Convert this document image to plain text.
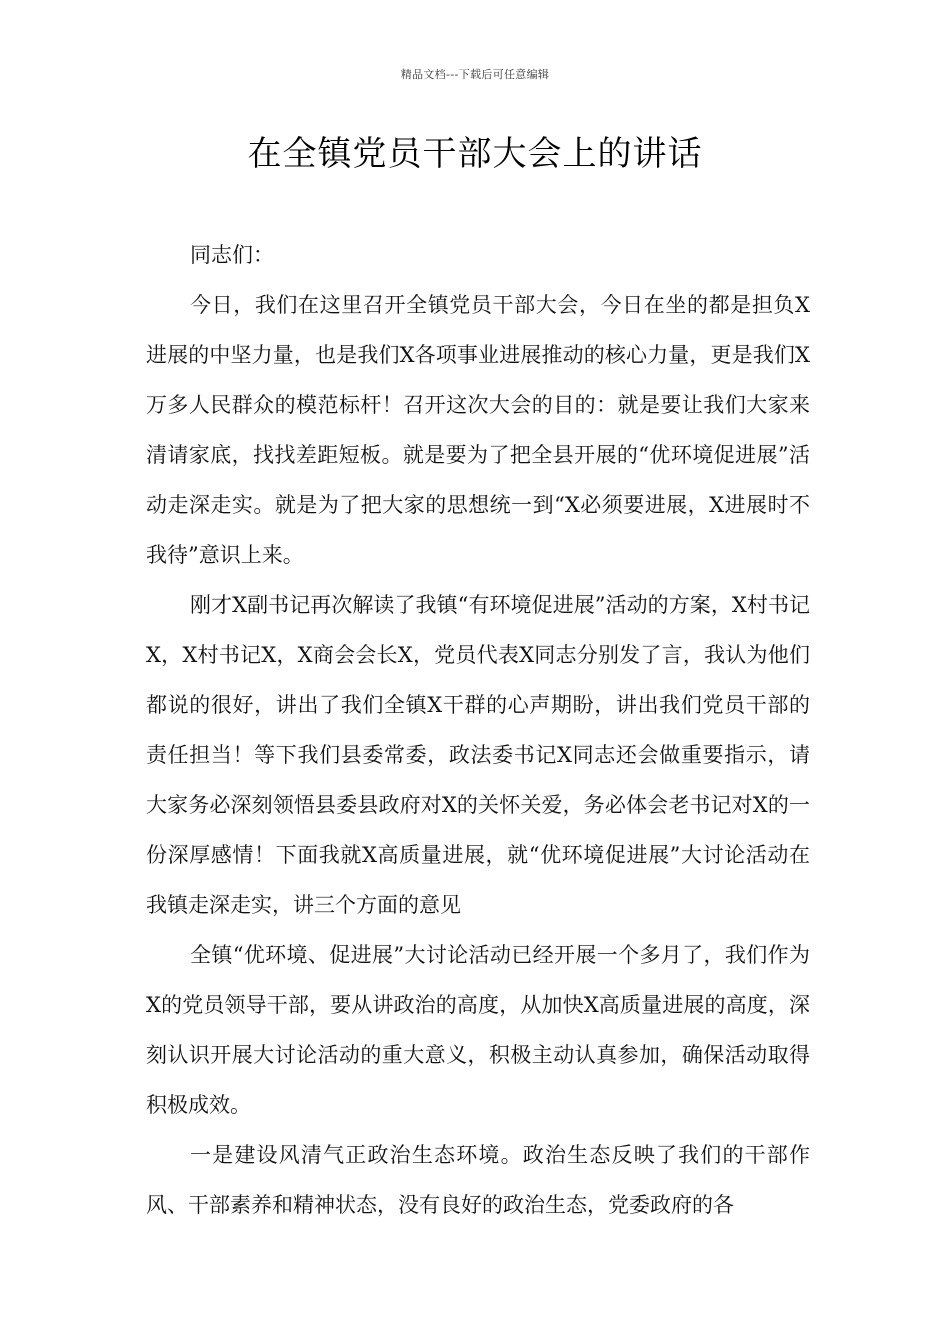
精品文档---下载后可任意编辑
在全镇党员干部大会上的讲话

同志们：

今日，我们在这里召开全镇党员干部大会，今日在坐的都是担负X进展的中坚力量，也是我们X各项事业进展推动的核心力量，更是我们X万多人民群众的模范标杆！召开这次大会的目的：就是要让我们大家来清请家底，找找差距短板。就是要为了把全县开展的“优环境促进展”活动走深走实。就是为了把大家的思想统一到“X必须要进展，X进展时不我待”意识上来。

刚才X副书记再次解读了我镇“有环境促进展”活动的方案，X村书记X，X村书记X，X商会会长X，党员代表X同志分别发了言，我认为他们都说的很好，讲出了我们全镇X干群的心声期盼，讲出我们党员干部的责任担当！等下我们县委常委，政法委书记X同志还会做重要指示，请大家务必深刻领悟县委县政府对X的关怀关爱，务必体会老书记对X的一份深厚感情！下面我就X高质量进展，就“优环境促进展”大讨论活动在我镇走深走实，讲三个方面的意见

全镇“优环境、促进展”大讨论活动已经开展一个多月了，我们作为X的党员领导干部，要从讲政治的高度，从加快X高质量进展的高度，深刻认识开展大讨论活动的重大意义，积极主动认真参加，确保活动取得积极成效。

一是建设风清气正政治生态环境。政治生态反映了我们的干部作风、干部素养和精神状态，没有良好的政治生态，党委政府的各
